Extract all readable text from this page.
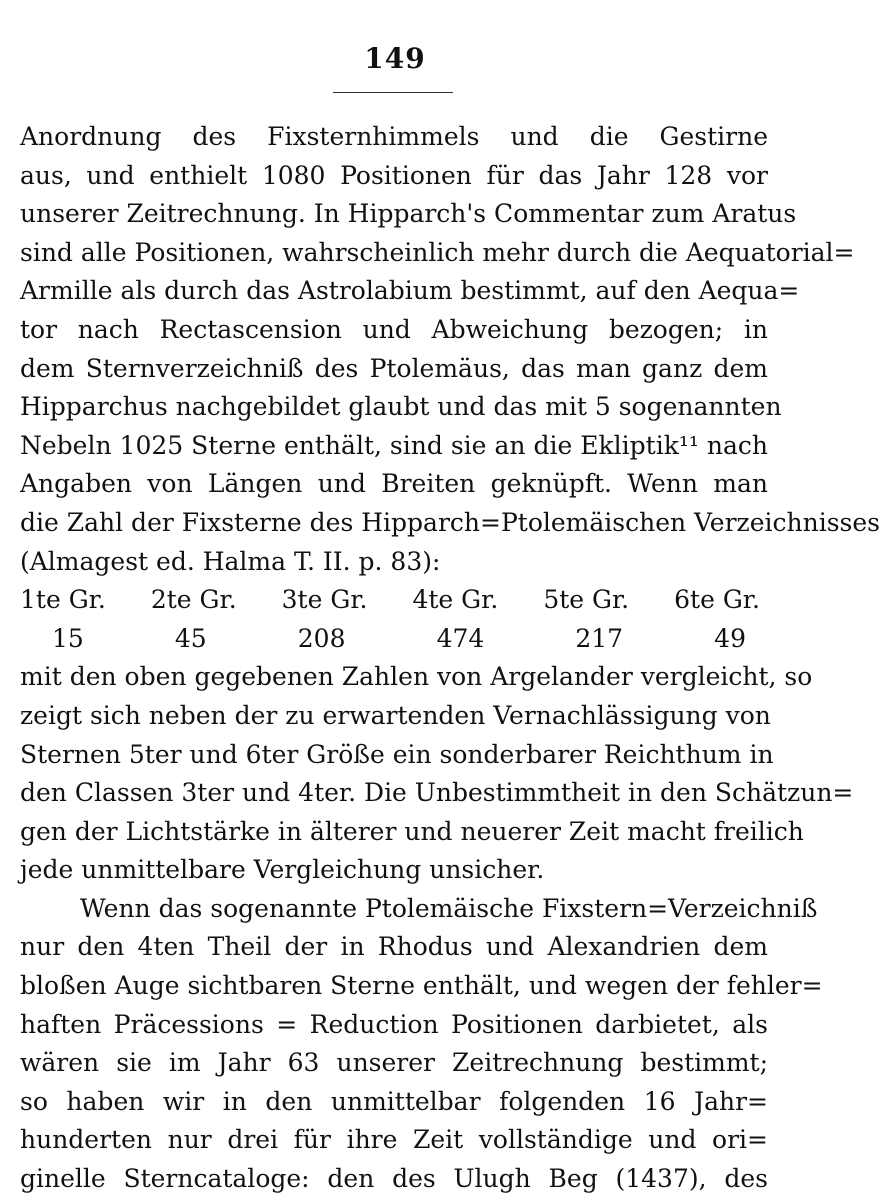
149
Anordnung des Fixsternhimmels und die Gestirne
aus, und enthielt 1080 Positionen für das Jahr 128 vor
unserer Zeitrechnung. In Hipparch's Commentar zum Aratus
sind alle Positionen, wahrscheinlich mehr durch die Aequatorial=
Armille als durch das Astrolabium bestimmt, auf den Aequa=
tor nach Rectascension und Abweichung bezogen; in
dem Sternverzeichniß des Ptolemäus, das man ganz dem
Hipparchus nachgebildet glaubt und das mit 5 sogenannten
Nebeln 1025 Sterne enthält, sind sie an die Ekliptik¹¹ nach
Angaben von Längen und Breiten geknüpft. Wenn man
die Zahl der Fixsterne des Hipparch=Ptolemäischen Verzeichnisses
(Almagest ed. Halma T. II. p. 83):
1te Gr. 2te Gr. 3te Gr. 4te Gr. 5te Gr. 6te Gr.
15	45	208	474	217	49
mit den oben gegebenen Zahlen von Argelander vergleicht, so
zeigt sich neben der zu erwartenden Vernachlässigung von
Sternen 5ter und 6ter Größe ein sonderbarer Reichthum in
den Classen 3ter und 4ter. Die Unbestimmtheit in den Schätzun=
gen der Lichtstärke in älterer und neuerer Zeit macht freilich
jede unmittelbare Vergleichung unsicher.
Wenn das sogenannte Ptolemäische Fixstern=Verzeichniß
nur den 4ten Theil der in Rhodus und Alexandrien dem
bloßen Auge sichtbaren Sterne enthält, und wegen der fehler=
haften Präcessions = Reduction Positionen darbietet, als
wären sie im Jahr 63 unserer Zeitrechnung bestimmt;
so haben wir in den unmittelbar folgenden 16 Jahr=
hunderten nur drei für ihre Zeit vollständige und ori=
ginelle Sterncataloge: den des Ulugh Beg (1437), des
